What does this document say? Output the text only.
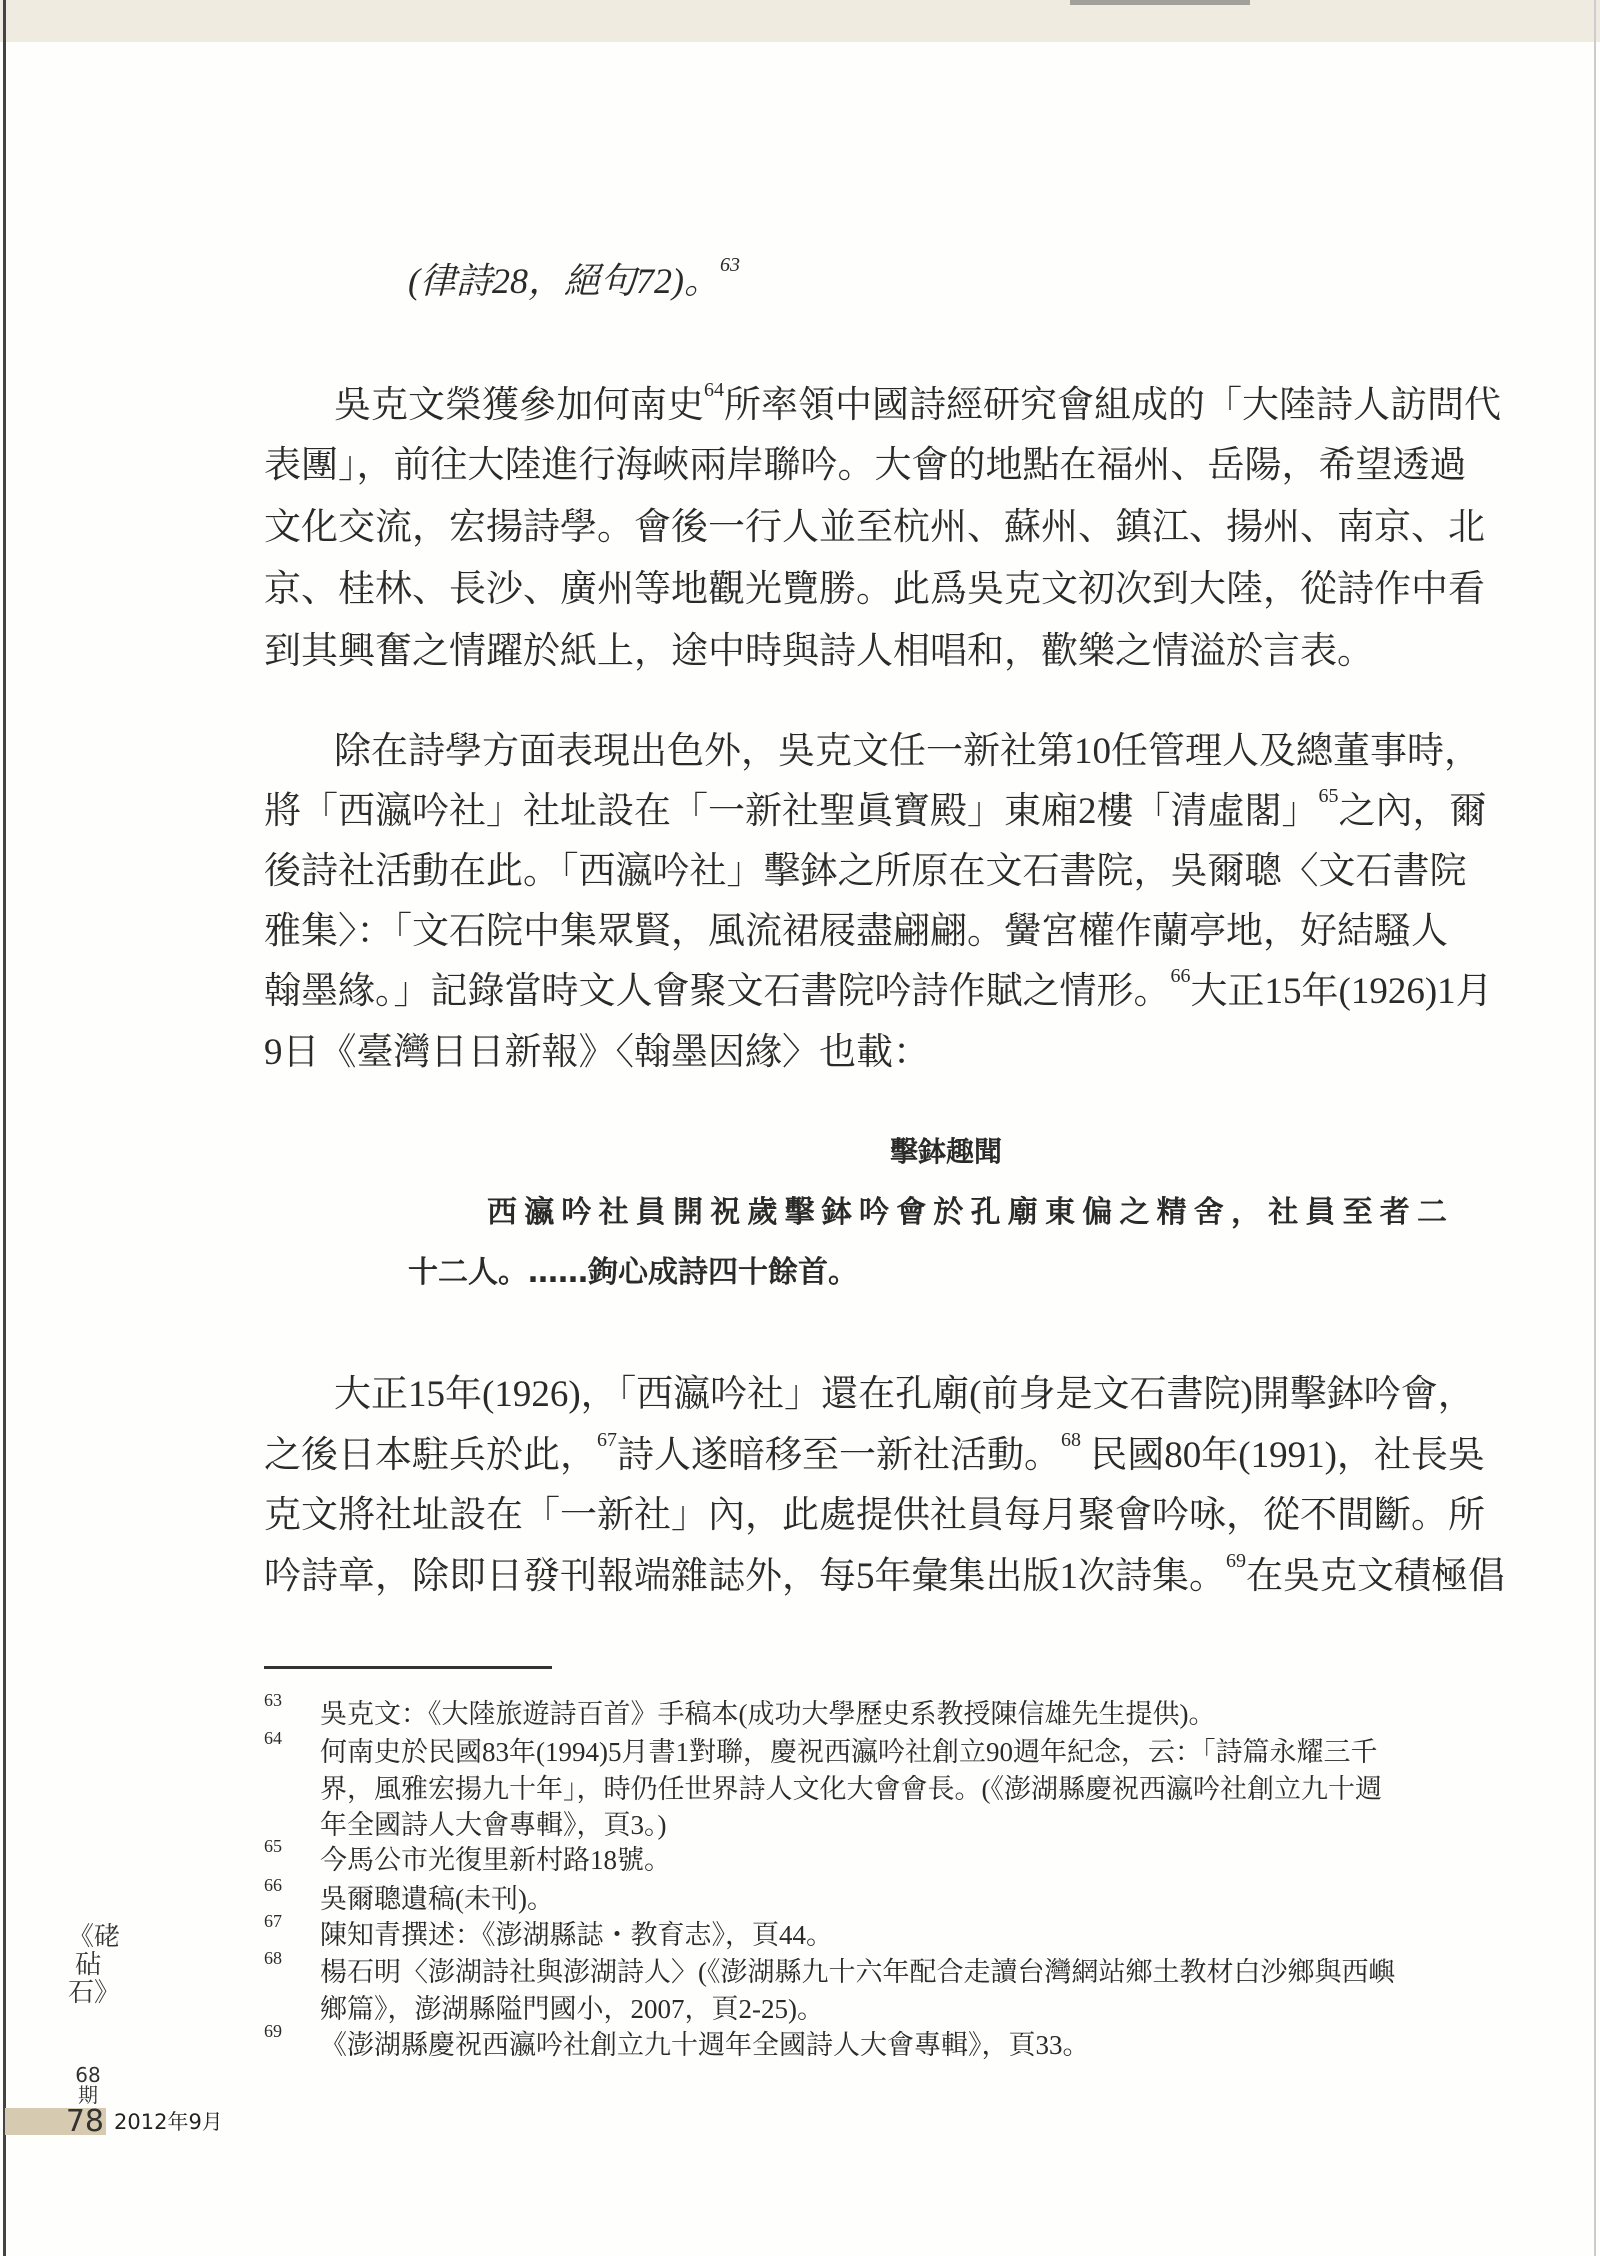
(律詩28，絕句72)。$^{63}$
吳克文榮獲參加何南史$^{64}$所率領中國詩經研究會組成的「大陸詩人訪問代
表團」，前往大陸進行海峽兩岸聯吟。大會的地點在福州、岳陽，希望透過
文化交流，宏揚詩學。會後一行人並至杭州、蘇州、鎮江、揚州、南京、北
京、桂林、長沙、廣州等地觀光覽勝。此爲吳克文初次到大陸，從詩作中看
到其興奮之情躍於紙上，途中時與詩人相唱和，歡樂之情溢於言表。
除在詩學方面表現出色外，吳克文任一新社第10任管理人及總董事時，
將「西瀛吟社」社址設在「一新社聖眞寶殿」東廂2樓「清虛閣」$^{65}$之內，爾
後詩社活動在此。「西瀛吟社」擊鉢之所原在文石書院，吳爾聰〈文石書院
雅集〉：「文石院中集眾賢，風流裙屐盡翩翩。黌宮權作蘭亭地，好結騷人
翰墨緣。」記錄當時文人會聚文石書院吟詩作賦之情形。$^{66}$大正15年(1926)1月
9日《臺灣日日新報》〈翰墨因緣〉也載：
擊鉢趣聞
西瀛吟社員開祝歲擊鉢吟會於孔廟東偏之精舍，社員至者二
十二人。……鉤心成詩四十餘首。
大正15年(1926)，「西瀛吟社」還在孔廟(前身是文石書院)開擊鉢吟會，
之後日本駐兵於此，$^{67}$詩人遂暗移至一新社活動。$^{68}$ 民國80年(1991)，社長吳
克文將社址設在「一新社」內，此處提供社員每月聚會吟咏，從不間斷。所
吟詩章，除即日發刊報端雜誌外，每5年彙集出版1次詩集。$^{69}$在吳克文積極倡
63 吳克文：《大陸旅遊詩百首》手稿本(成功大學歷史系教授陳信雄先生提供)。
64 何南史於民國83年(1994)5月書1對聯，慶祝西瀛吟社創立90週年紀念，云：「詩篇永耀三千
界，風雅宏揚九十年」，時仍任世界詩人文化大會會長。(《澎湖縣慶祝西瀛吟社創立九十週
年全國詩人大會專輯》，頁3。)
65 今馬公市光復里新村路18號。
66 吳爾聰遺稿(未刊)。
67 陳知青撰述：《澎湖縣誌・教育志》，頁44。
68 楊石明〈澎湖詩社與澎湖詩人〉(《澎湖縣九十六年配合走讀台灣網站鄉土教材白沙鄉與西嶼
鄉篇》，澎湖縣隘門國小，2007，頁2-25)。
69 《澎湖縣慶祝西瀛吟社創立九十週年全國詩人大會專輯》，頁33。
《硓砧石》
68期
78 2012年9月
